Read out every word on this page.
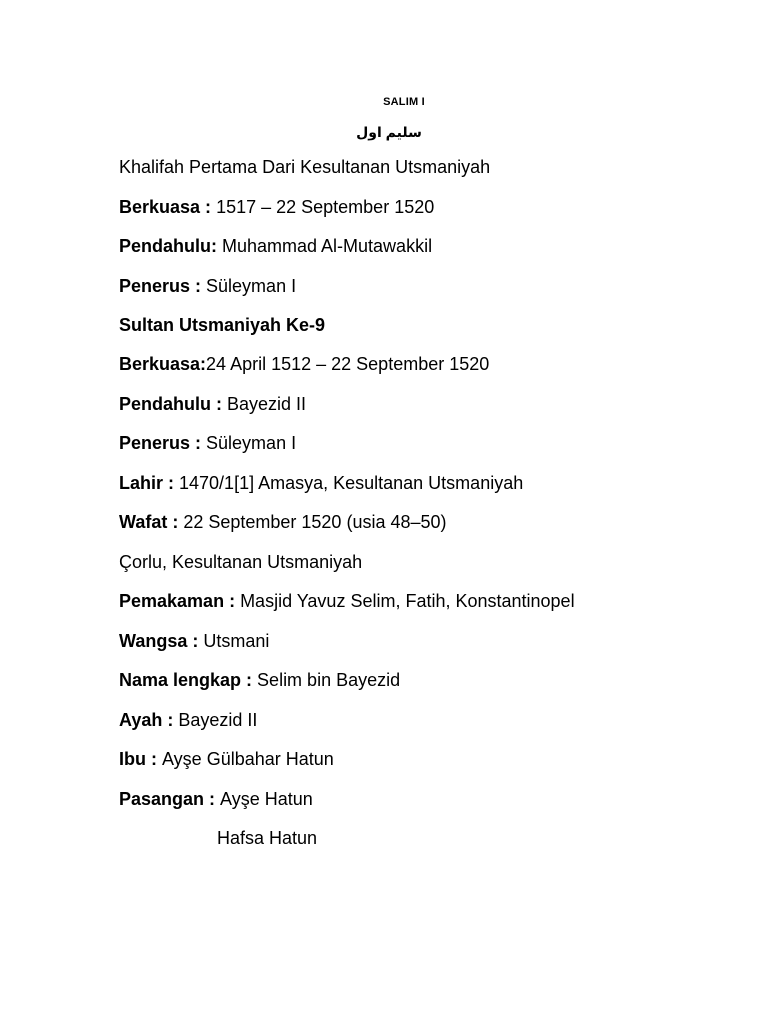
SALIM I
سليم اول
Khalifah Pertama Dari Kesultanan Utsmaniyah
Berkuasa : 1517 – 22 September 1520
Pendahulu: Muhammad Al-Mutawakkil
Penerus : Süleyman I
Sultan Utsmaniyah Ke-9
Berkuasa:24 April 1512 – 22 September 1520
Pendahulu : Bayezid II
Penerus : Süleyman I
Lahir : 1470/1[1] Amasya, Kesultanan Utsmaniyah
Wafat : 22 September 1520 (usia 48–50)
Çorlu, Kesultanan Utsmaniyah
Pemakaman : Masjid Yavuz Selim, Fatih, Konstantinopel
Wangsa : Utsmani
Nama lengkap : Selim bin Bayezid
Ayah : Bayezid II
Ibu : Ayşe Gülbahar Hatun
Pasangan : Ayşe Hatun
Hafsa Hatun
